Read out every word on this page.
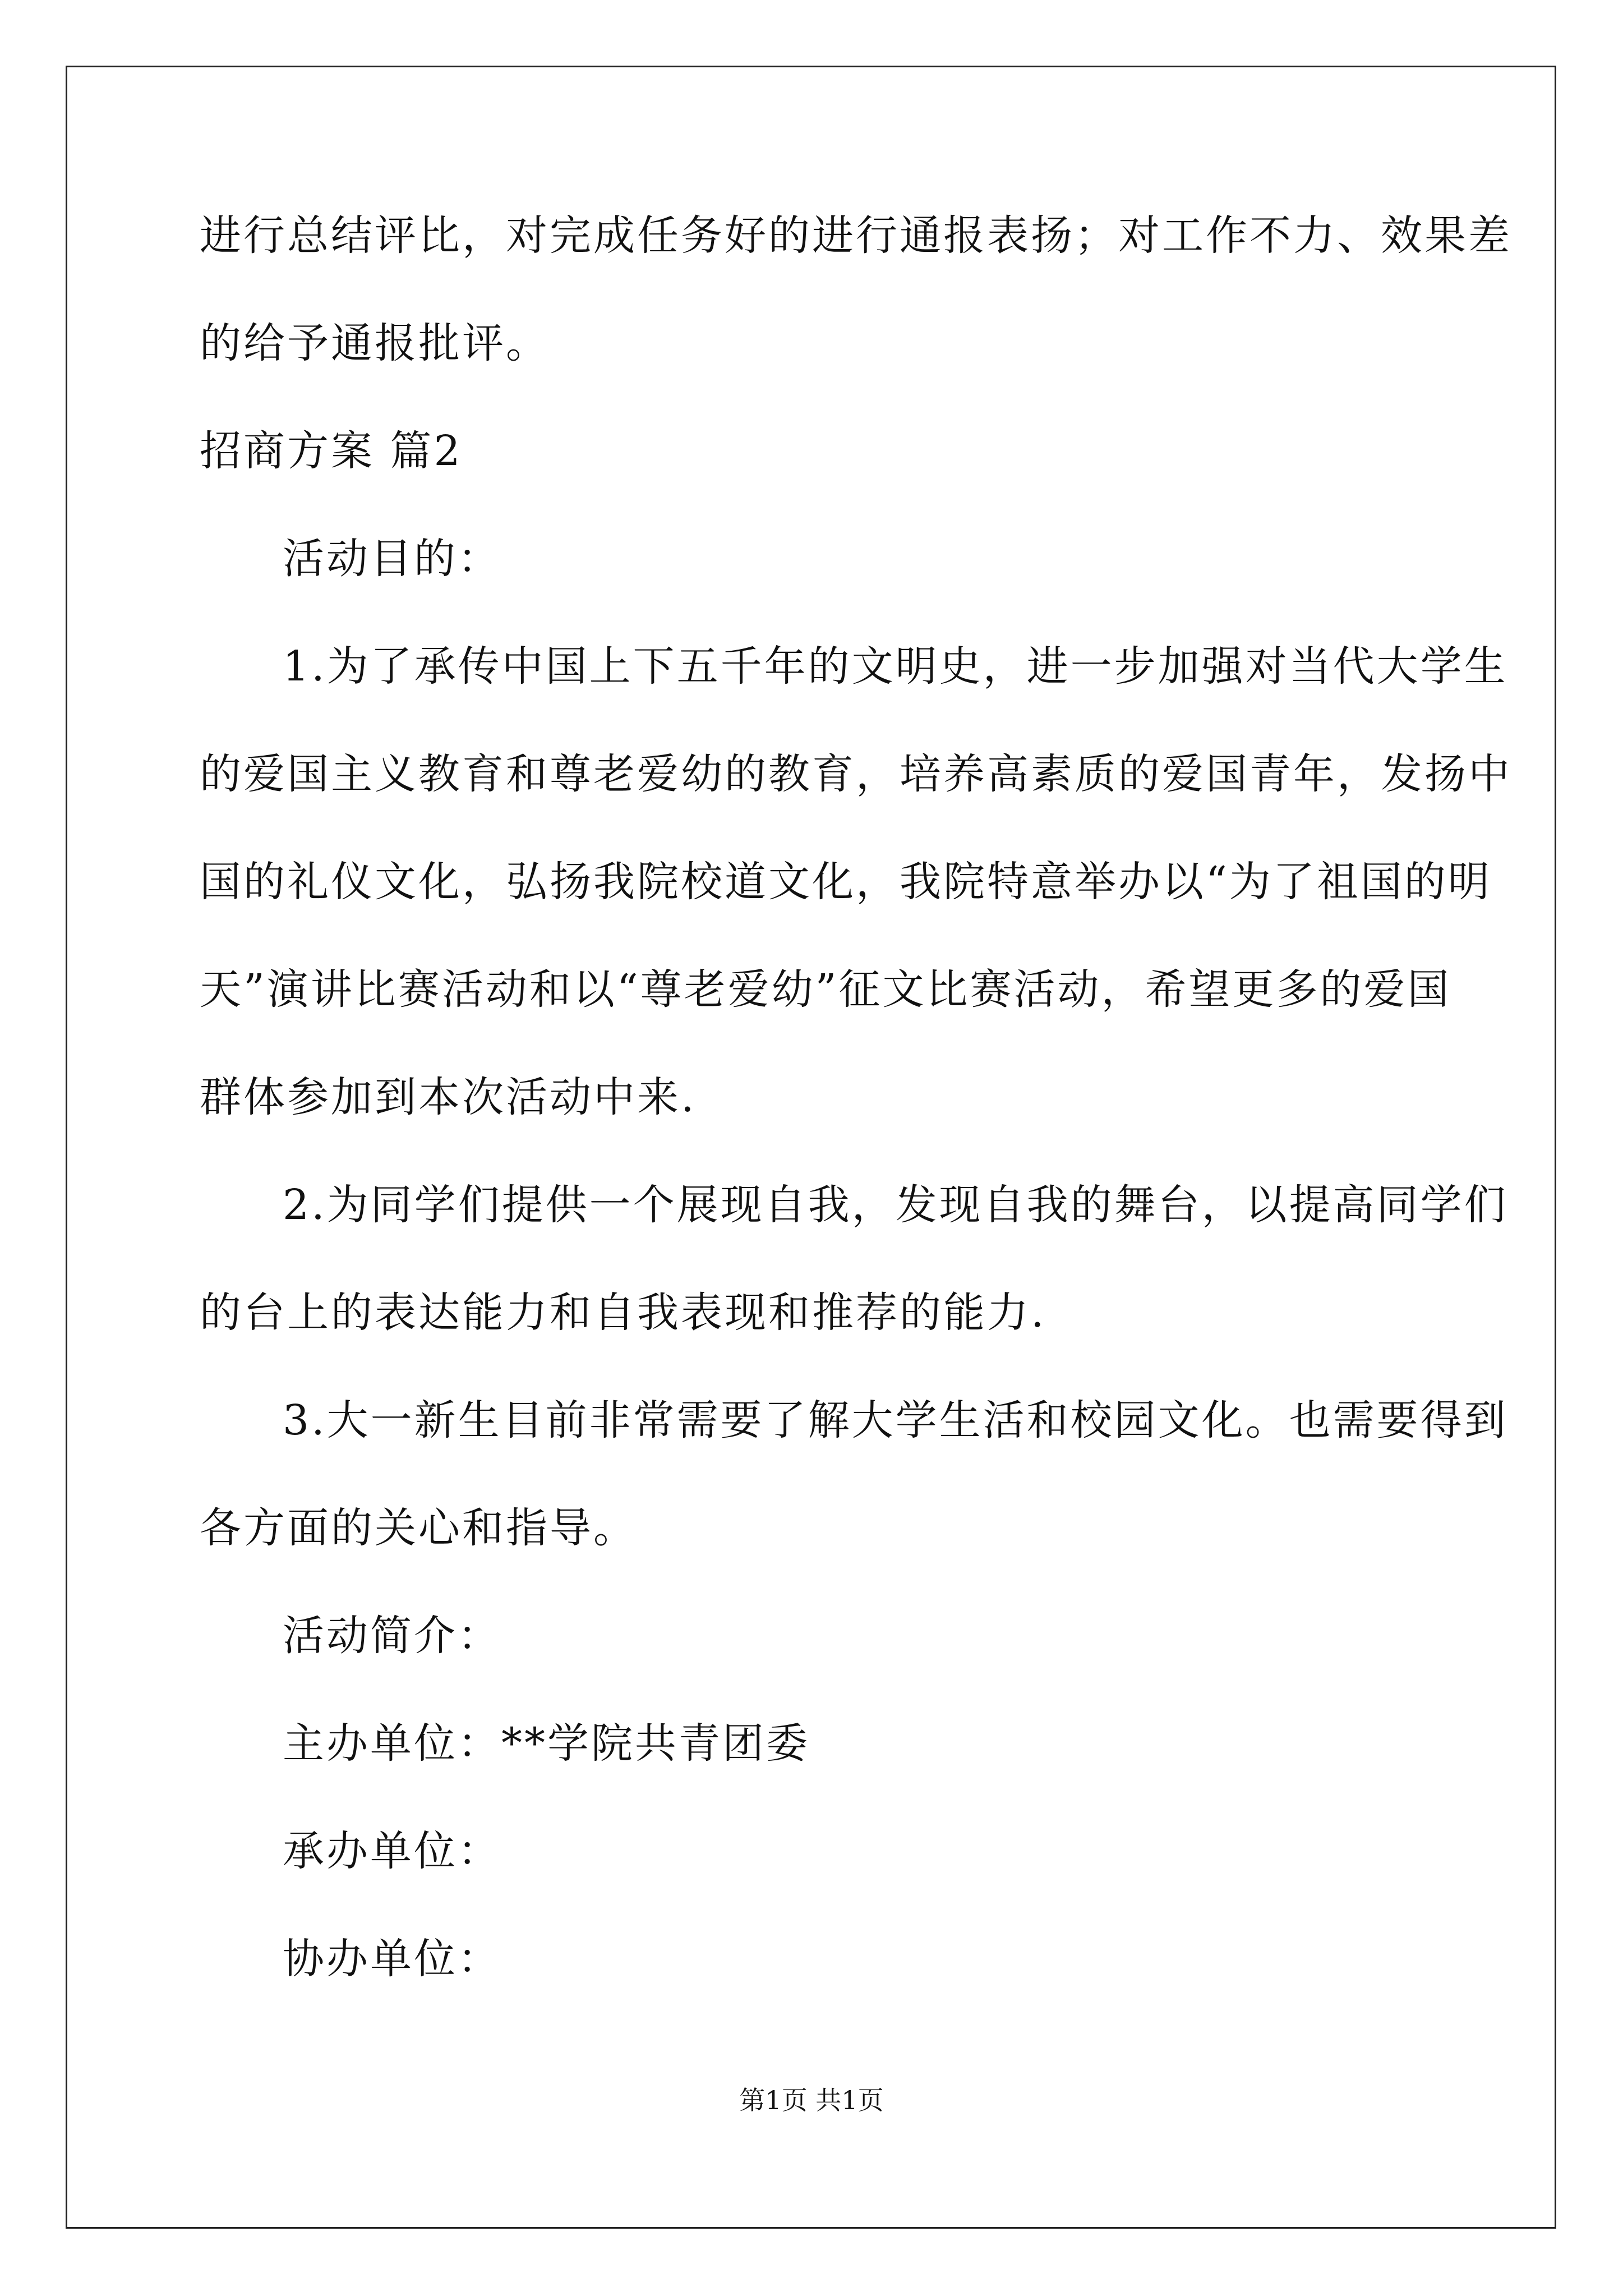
进行总结评比，对完成任务好的进行通报表扬；对工作不力、效果差
的给予通报批评。
招商方案 篇2
活动目的：
1.为了承传中国上下五千年的文明史，进一步加强对当代大学生
的爱国主义教育和尊老爱幼的教育，培养高素质的爱国青年，发扬中
国的礼仪文化，弘扬我院校道文化，我院特意举办以“为了祖国的明
天”演讲比赛活动和以“尊老爱幼”征文比赛活动，希望更多的爱国
群体参加到本次活动中来.
2.为同学们提供一个展现自我，发现自我的舞台，以提高同学们
的台上的表达能力和自我表现和推荐的能力.
3.大一新生目前非常需要了解大学生活和校园文化。也需要得到
各方面的关心和指导。
活动简介：
主办单位：**学院共青团委
承办单位：
协办单位：
第1页 共1页
